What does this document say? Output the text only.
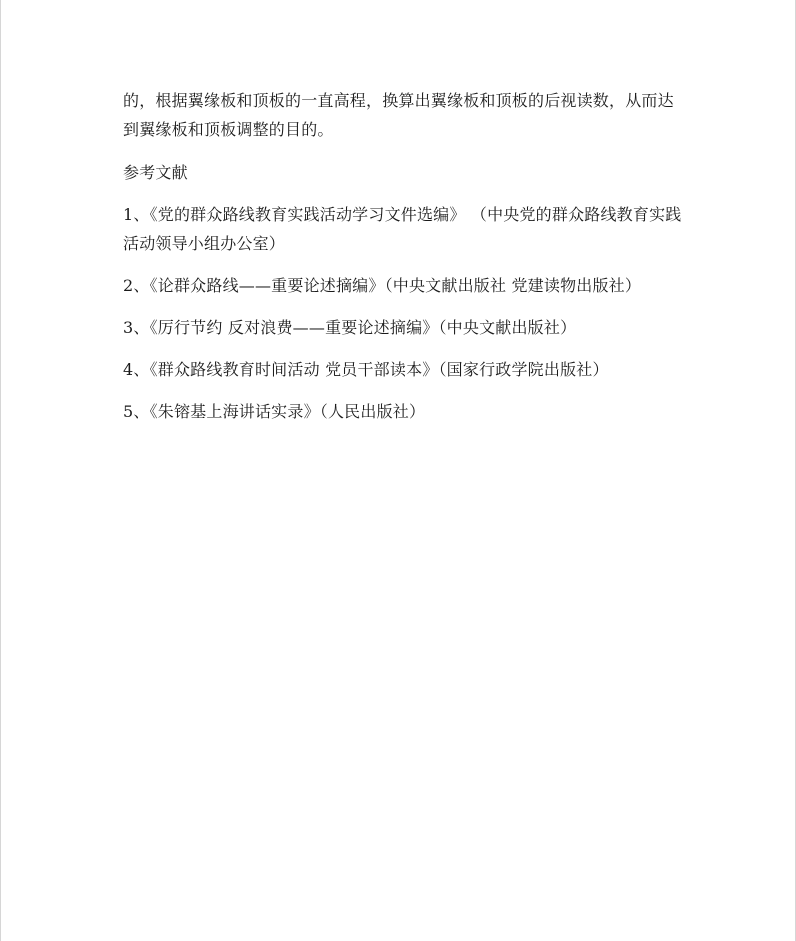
的，根据翼缘板和顶板的一直高程，换算出翼缘板和顶板的后视读数，从而达到翼缘板和顶板调整的目的。

参考文献

1、《党的群众路线教育实践活动学习文件选编》 （中央党的群众路线教育实践活动领导小组办公室）
2、《论群众路线——重要论述摘编》（中央文献出版社 党建读物出版社）
3、《厉行节约 反对浪费——重要论述摘编》（中央文献出版社）
4、《群众路线教育时间活动 党员干部读本》（国家行政学院出版社）
5、《朱镕基上海讲话实录》（人民出版社）
